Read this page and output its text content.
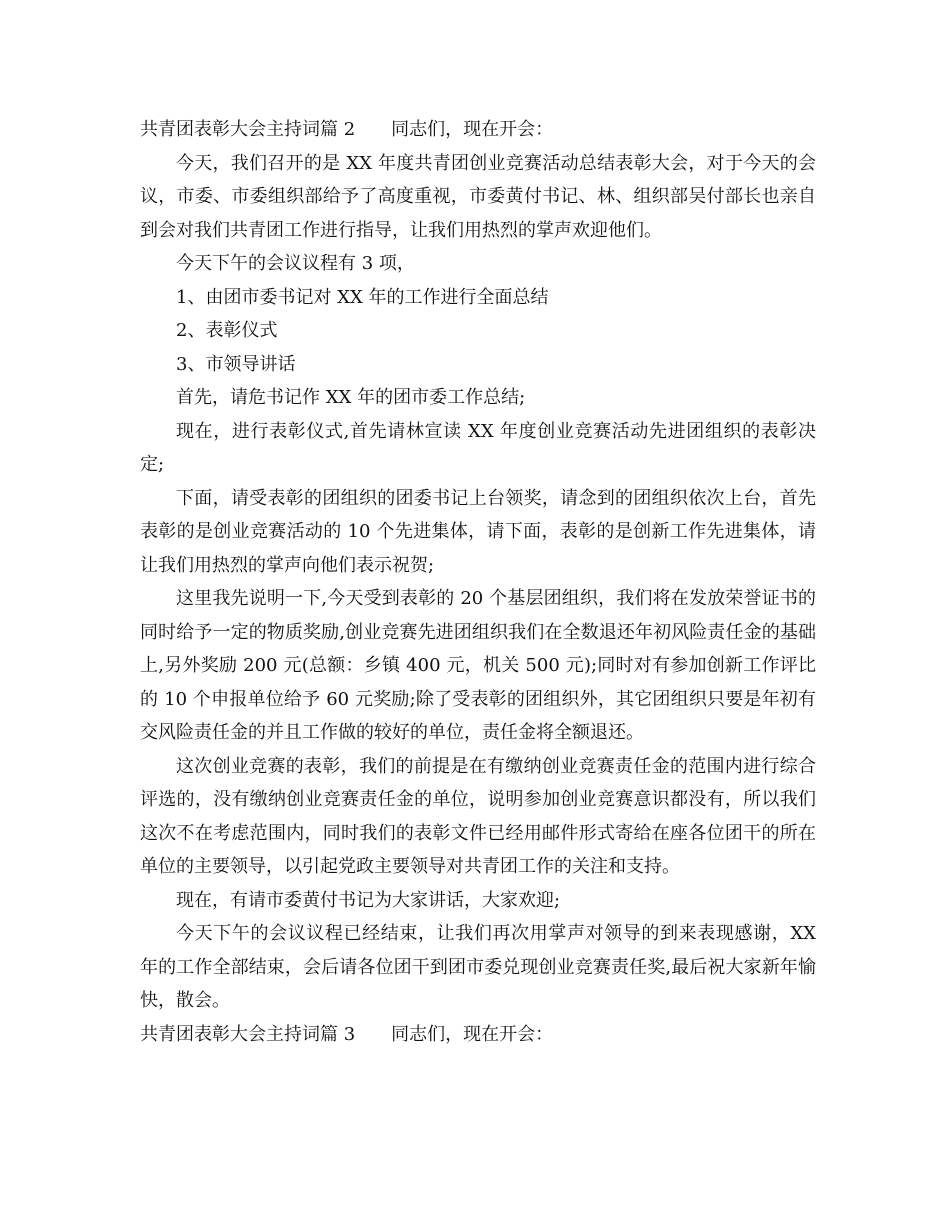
共青团表彰大会主持词篇 2　　同志们，现在开会：

今天，我们召开的是 XX 年度共青团创业竞赛活动总结表彰大会，对于今天的会议，市委、市委组织部给予了高度重视，市委黄付书记、林、组织部吴付部长也亲自到会对我们共青团工作进行指导，让我们用热烈的掌声欢迎他们。

今天下午的会议议程有 3 项，

1、由团市委书记对 XX 年的工作进行全面总结

2、表彰仪式

3、市领导讲话

首先，请危书记作 XX 年的团市委工作总结;

现在，进行表彰仪式,首先请林宣读 XX 年度创业竞赛活动先进团组织的表彰决定;

下面，请受表彰的团组织的团委书记上台领奖，请念到的团组织依次上台，首先表彰的是创业竞赛活动的 10 个先进集体，请下面，表彰的是创新工作先进集体，请让我们用热烈的掌声向他们表示祝贺;

这里我先说明一下,今天受到表彰的 20 个基层团组织，我们将在发放荣誉证书的同时给予一定的物质奖励,创业竞赛先进团组织我们在全数退还年初风险责任金的基础上,另外奖励 200 元(总额：乡镇 400 元，机关 500 元);同时对有参加创新工作评比的 10 个申报单位给予 60 元奖励;除了受表彰的团组织外，其它团组织只要是年初有交风险责任金的并且工作做的较好的单位，责任金将全额退还。

这次创业竞赛的表彰，我们的前提是在有缴纳创业竞赛责任金的范围内进行综合评选的，没有缴纳创业竞赛责任金的单位，说明参加创业竞赛意识都没有，所以我们这次不在考虑范围内，同时我们的表彰文件已经用邮件形式寄给在座各位团干的所在单位的主要领导，以引起党政主要领导对共青团工作的关注和支持。

现在，有请市委黄付书记为大家讲话，大家欢迎;

今天下午的会议议程已经结束，让我们再次用掌声对领导的到来表现感谢，XX 年的工作全部结束，会后请各位团干到团市委兑现创业竞赛责任奖,最后祝大家新年愉快，散会。

共青团表彰大会主持词篇 3　　同志们，现在开会：
